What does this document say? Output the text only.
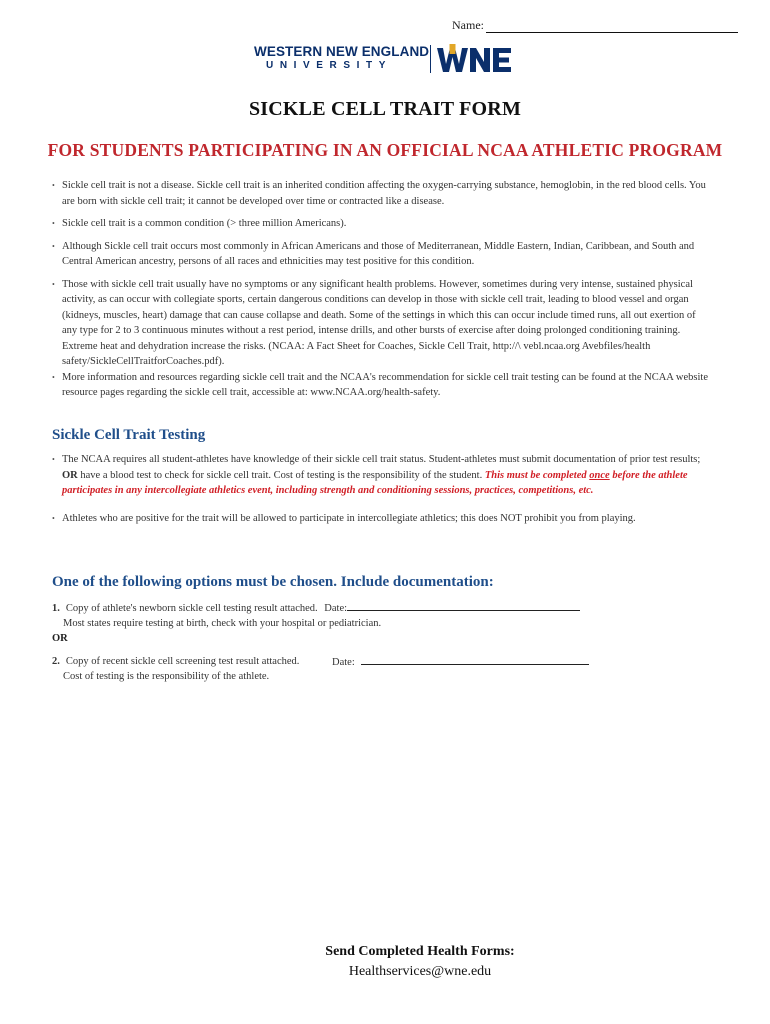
Name:
WESTERN NEW ENGLAND
UNIVERSITY
SICKLE CELL TRAIT FORM
FOR STUDENTS PARTICIPATING IN AN OFFICIAL NCAA ATHLETIC PROGRAM
• Sickle cell trait is not a disease. Sickle cell trait is an inherited condition affecting the oxygen-carrying substance, hemoglobin, in the red blood cells. You are born with sickle cell trait; it cannot be developed over time or contracted like a disease.
• Sickle cell trait is a common condition (> three million Americans).
• Although Sickle cell trait occurs most commonly in African Americans and those of Mediterranean, Middle Eastern, Indian, Caribbean, and South and Central American ancestry, persons of all races and ethnicities may test positive for this condition.
• Those with sickle cell trait usually have no symptoms or any significant health problems. However, sometimes during very intense, sustained physical activity, as can occur with collegiate sports, certain dangerous conditions can develop in those with sickle cell trait, leading to blood vessel and organ (kidneys, muscles, heart) damage that can cause collapse and death. Some of the settings in which this can occur include timed runs, all out exertion of any type for 2 to 3 continuous minutes without a rest period, intense drills, and other bursts of exercise after doing prolonged conditioning training. Extreme heat and dehydration increase the risks. (NCAA: A Fact Sheet for Coaches, Sickle Cell Trait, http://\ vebl.ncaa.org Avebfiles/health safety/SickleCellTraitforCoaches.pdf).
• More information and resources regarding sickle cell trait and the NCAA's recommendation for sickle cell trait testing can be found at the NCAA website resource pages regarding the sickle cell trait, accessible at: www.NCAA.org/health-safety.
Sickle Cell Trait Testing
• The NCAA requires all student-athletes have knowledge of their sickle cell trait status. Student-athletes must submit documentation of prior test results; OR have a blood test to check for sickle cell trait. Cost of testing is the responsibility of the student. This must be completed once before the athlete participates in any intercollegiate athletics event, including strength and conditioning sessions, practices, competitions, etc.
• Athletes who are positive for the trait will be allowed to participate in intercollegiate athletics; this does NOT prohibit you from playing.
One of the following options must be chosen. Include documentation:
1. Copy of athlete's newborn sickle cell testing result attached. Date:
Most states require testing at birth, check with your hospital or pediatrician.
OR
2. Copy of recent sickle cell screening test result attached.
Cost of testing is the responsibility of the athlete.
Date:
Send Completed Health Forms:
Healthservices@wne.edu
